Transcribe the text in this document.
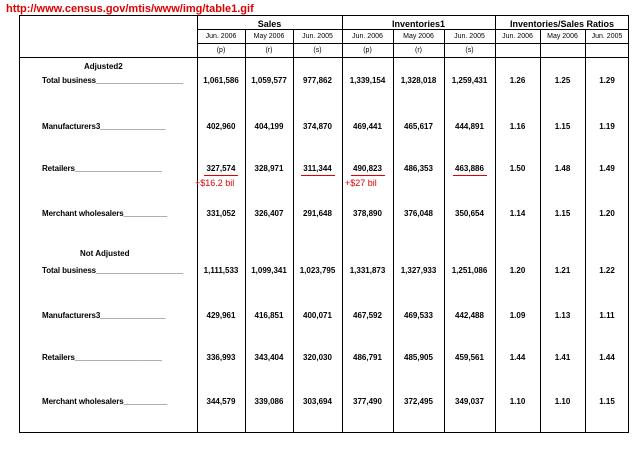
http://www.census.gov/mtis/www/img/table1.gif
Sales	Inventories1	Inventories/Sales Ratios
Adjusted2
Not Adjusted
+$16.2 bil	+$27 bil
Jun. 2006	May 2006	Jun. 2005	Jun. 2006	May 2006	Jun. 2005	Jun. 2006	May 2006	Jun. 2005
(p)	(r)	(s)	(p)	(r)	(s)
Total business____________________	1,061,586	1,059,577	977,862	1,339,154	1,328,018	1,259,431	1.26	1.25	1.29
Manufacturers3_______________	402,960	404,199	374,870	469,441	465,617	444,891	1.16	1.15	1.19
Retailers____________________	327,574	328,971	311,344	490,823	486,353	463,886	1.50	1.48	1.49
Merchant wholesalers__________	331,052	326,407	291,648	378,890	376,048	350,654	1.14	1.15	1.20
Total business____________________	1,111,533	1,099,341	1,023,795	1,331,873	1,327,933	1,251,086	1.20	1.21	1.22
Manufacturers3_______________	429,961	416,851	400,071	467,592	469,533	442,488	1.09	1.13	1.11
Retailers____________________	336,993	343,404	320,030	486,791	485,905	459,561	1.44	1.41	1.44
Merchant wholesalers__________	344,579	339,086	303,694	377,490	372,495	349,037	1.10	1.10	1.15
